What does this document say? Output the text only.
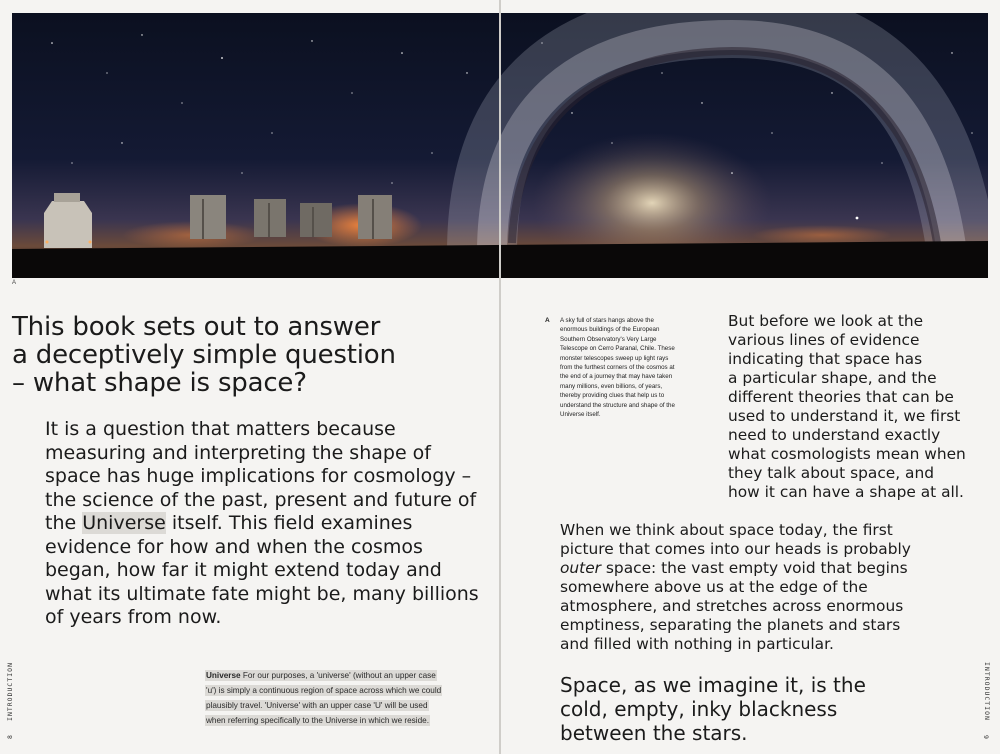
A
This book sets out to answer
a deceptively simple question
– what shape is space?

It is a question that matters because measuring and interpreting the shape of space has huge implications for cosmology – the science of the past, present and future of the Universe itself. This field examines evidence for how and when the cosmos began, how far it might extend today and what its ultimate fate might be, many billions of years from now.

Universe For our purposes, a 'universe' (without an upper case 'u') is simply a continuous region of space across which we could plausibly travel. 'Universe' with an upper case 'U' will be used when referring specifically to the Universe in which we reside.

INTRODUCTION
8
A A sky full of stars hangs above the enormous buildings of the European Southern Observatory's Very Large Telescope on Cerro Paranal, Chile. These monster telescopes sweep up light rays from the furthest corners of the cosmos at the end of a journey that may have taken many millions, even billions, of years, thereby providing clues that help us to understand the structure and shape of the Universe itself.

But before we look at the
various lines of evidence
indicating that space has
a particular shape, and the
different theories that can be
used to understand it, we first
need to understand exactly
what cosmologists mean when
they talk about space, and
how it can have a shape at all.

When we think about space today, the first picture that comes into our heads is probably outer space: the vast empty void that begins somewhere above us at the edge of the atmosphere, and stretches across enormous emptiness, separating the planets and stars and filled with nothing in particular.

Space, as we imagine it, is the
cold, empty, inky blackness
between the stars.
INTRODUCTION
9
